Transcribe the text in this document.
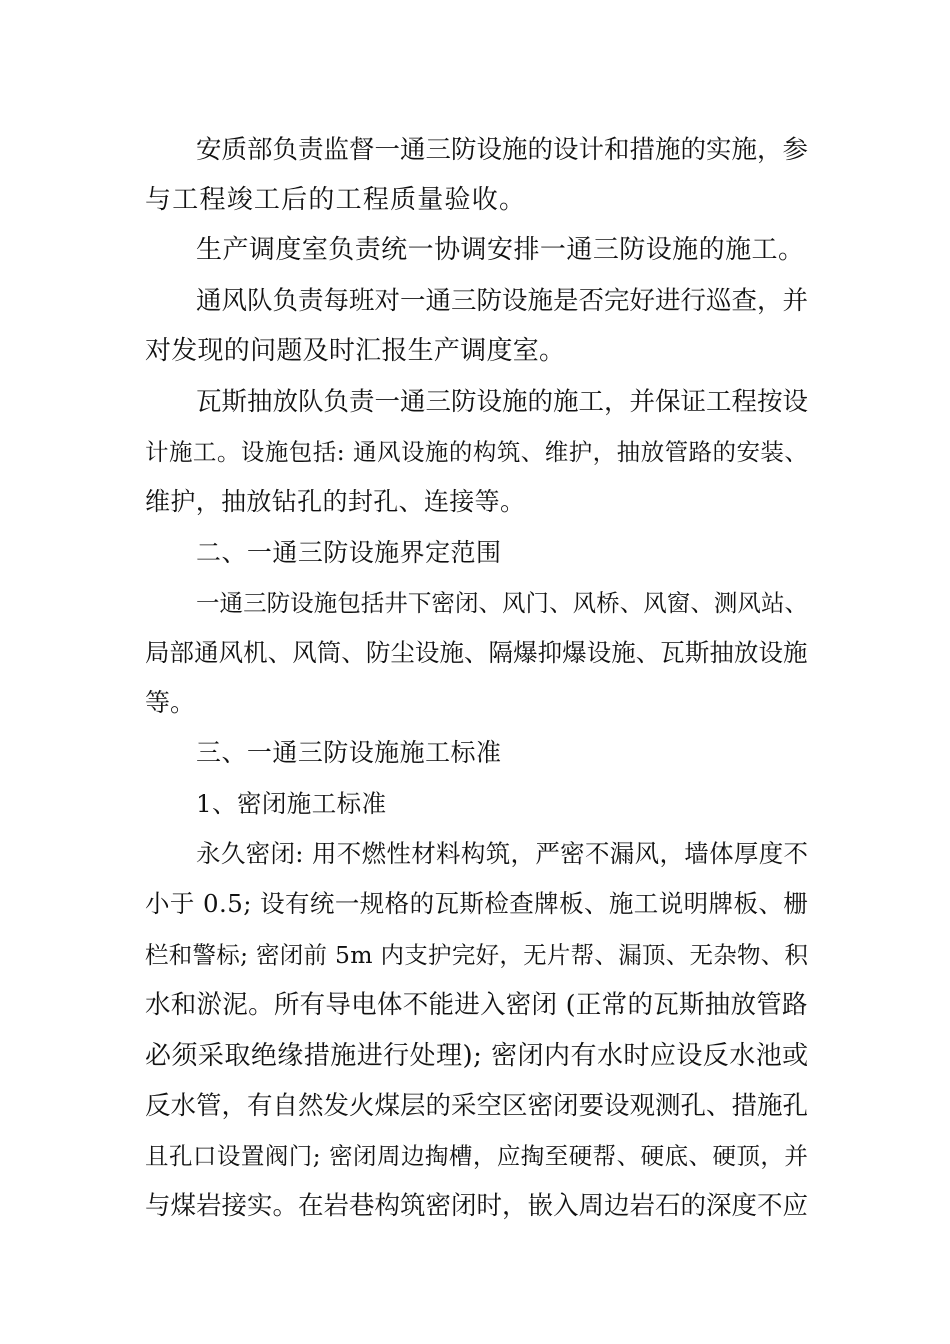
安质部负责监督一通三防设施的设计和措施的实施，参
与工程竣工后的工程质量验收。
生产调度室负责统一协调安排一通三防设施的施工。
通风队负责每班对一通三防设施是否完好进行巡查，并
对发现的问题及时汇报生产调度室。
瓦斯抽放队负责一通三防设施的施工，并保证工程按设
计施工。设施包括: 通风设施的构筑、维护，抽放管路的安装、
维护，抽放钻孔的封孔、连接等。
二、一通三防设施界定范围
一通三防设施包括井下密闭、风门、风桥、风窗、测风站、
局部通风机、风筒、防尘设施、隔爆抑爆设施、瓦斯抽放设施
等。
三、一通三防设施施工标准
1、密闭施工标准
永久密闭: 用不燃性材料构筑，严密不漏风，墙体厚度不
小于 0.5; 设有统一规格的瓦斯检查牌板、施工说明牌板、栅
栏和警标; 密闭前 5m 内支护完好，无片帮、漏顶、无杂物、积
水和淤泥。所有导电体不能进入密闭 (正常的瓦斯抽放管路
必须采取绝缘措施进行处理); 密闭内有水时应设反水池或
反水管，有自然发火煤层的采空区密闭要设观测孔、措施孔
且孔口设置阀门; 密闭周边掏槽，应掏至硬帮、硬底、硬顶，并
与煤岩接实。在岩巷构筑密闭时，嵌入周边岩石的深度不应
